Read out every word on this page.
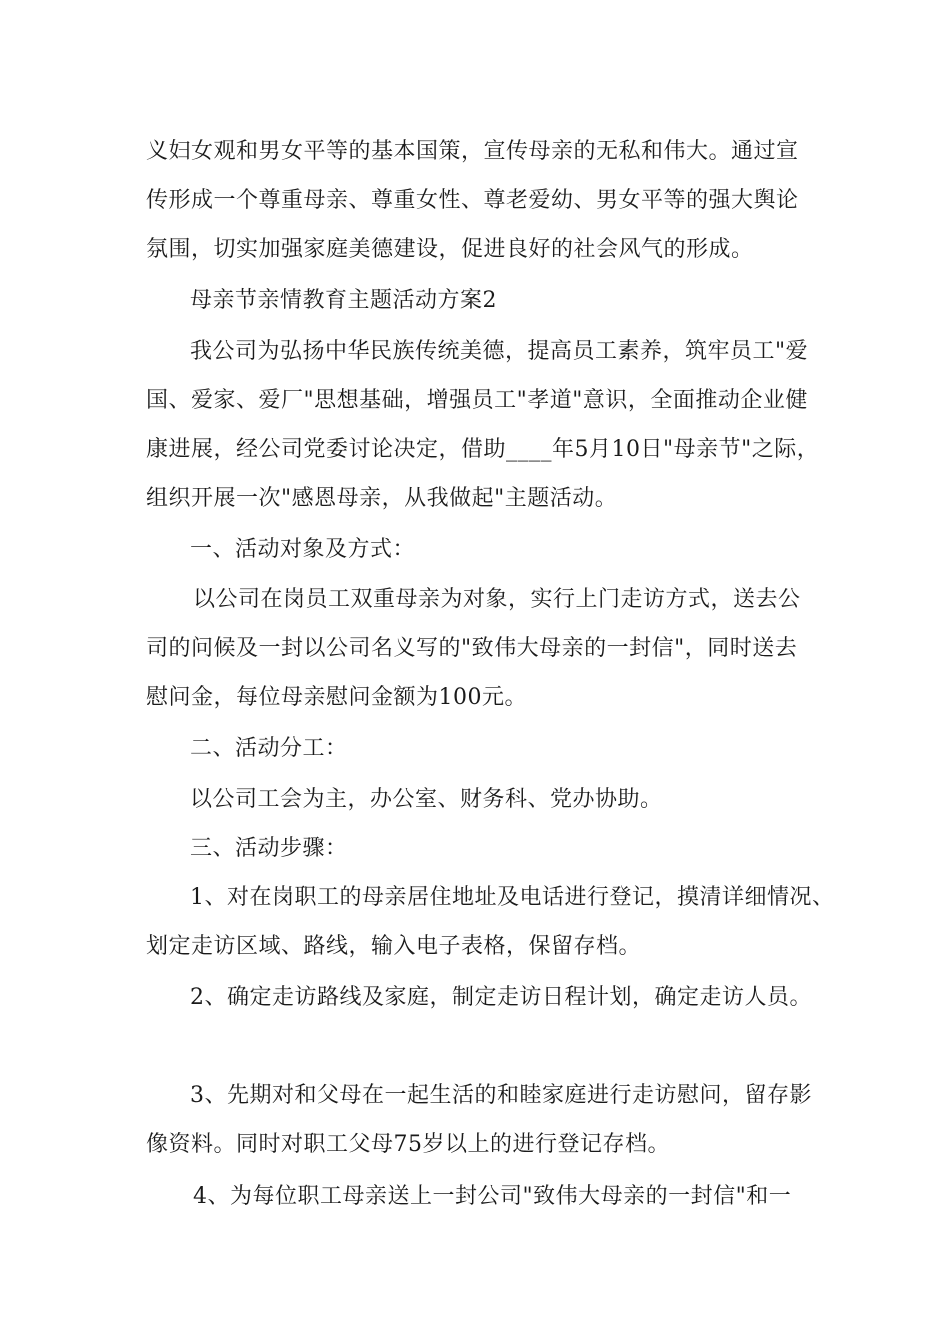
义妇女观和男女平等的基本国策，宣传母亲的无私和伟大。通过宣
传形成一个尊重母亲、尊重女性、尊老爱幼、男女平等的强大舆论
氛围，切实加强家庭美德建设，促进良好的社会风气的形成。
母亲节亲情教育主题活动方案2
我公司为弘扬中华民族传统美德，提高员工素养，筑牢员工"爱
国、爱家、爱厂"思想基础，增强员工"孝道"意识，全面推动企业健
康进展，经公司党委讨论决定，借助____年5月10日"母亲节"之际，
组织开展一次"感恩母亲，从我做起"主题活动。
一、活动对象及方式：
以公司在岗员工双重母亲为对象，实行上门走访方式，送去公
司的问候及一封以公司名义写的"致伟大母亲的一封信"，同时送去
慰问金，每位母亲慰问金额为100元。
二、活动分工：
以公司工会为主，办公室、财务科、党办协助。
三、活动步骤：
1、对在岗职工的母亲居住地址及电话进行登记，摸清详细情况、
划定走访区域、路线，输入电子表格，保留存档。
2、确定走访路线及家庭，制定走访日程计划，确定走访人员。
3、先期对和父母在一起生活的和睦家庭进行走访慰问，留存影
像资料。同时对职工父母75岁以上的进行登记存档。
4、为每位职工母亲送上一封公司"致伟大母亲的一封信"和一
